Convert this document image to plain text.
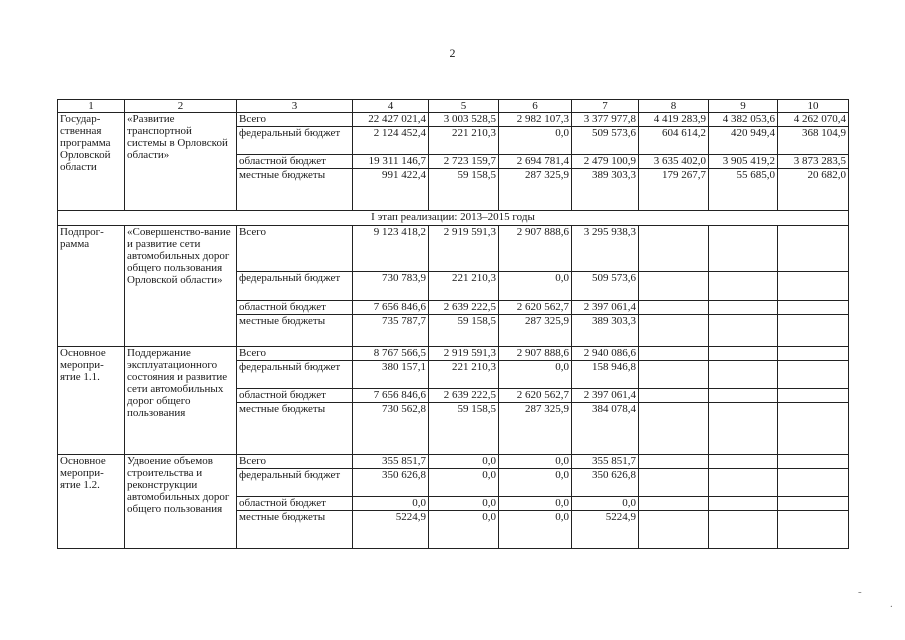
2
1	2	3	4	5	6	7	8	9	10
Государ-ственная программа Орловской области	«Развитие транспортной системы в Орловской области»	Всего	22 427 021,4	3 003 528,5	2 982 107,3	3 377 977,8	4 419 283,9	4 382 053,6	4 262 070,4
		федеральный бюджет	2 124 452,4	221 210,3	0,0	509 573,6	604 614,2	420 949,4	368 104,9
		областной бюджет	19 311 146,7	2 723 159,7	2 694 781,4	2 479 100,9	3 635 402,0	3 905 419,2	3 873 283,5
		местные бюджеты	991 422,4	59 158,5	287 325,9	389 303,3	179 267,7	55 685,0	20 682,0
I этап реализации: 2013–2015 годы									
Подпрог-рамма	«Совершенство-вание и развитие сети автомобильных дорог общего пользования Орловской области»	Всего	9 123 418,2	2 919 591,3	2 907 888,6	3 295 938,3			
		федеральный бюджет	730 783,9	221 210,3	0,0	509 573,6			
		областной бюджет	7 656 846,6	2 639 222,5	2 620 562,7	2 397 061,4			
		местные бюджеты	735 787,7	59 158,5	287 325,9	389 303,3			
Основное меропри-ятие 1.1.	Поддержание эксплуатационного состояния и развитие сети автомобильных дорог общего пользования	Всего	8 767 566,5	2 919 591,3	2 907 888,6	2 940 086,6			
		федеральный бюджет	380 157,1	221 210,3	0,0	158 946,8			
		областной бюджет	7 656 846,6	2 639 222,5	2 620 562,7	2 397 061,4			
		местные бюджеты	730 562,8	59 158,5	287 325,9	384 078,4			
Основное меропри-ятие 1.2.	Удвоение объемов строительства и реконструкции автомобильных дорог общего пользования	Всего	355 851,7	0,0	0,0	355 851,7			
		федеральный бюджет	350 626,8	0,0	0,0	350 626,8			
		областной бюджет	0,0	0,0	0,0	0,0			
		местные бюджеты	5224,9	0,0	0,0	5224,9			
-
.
